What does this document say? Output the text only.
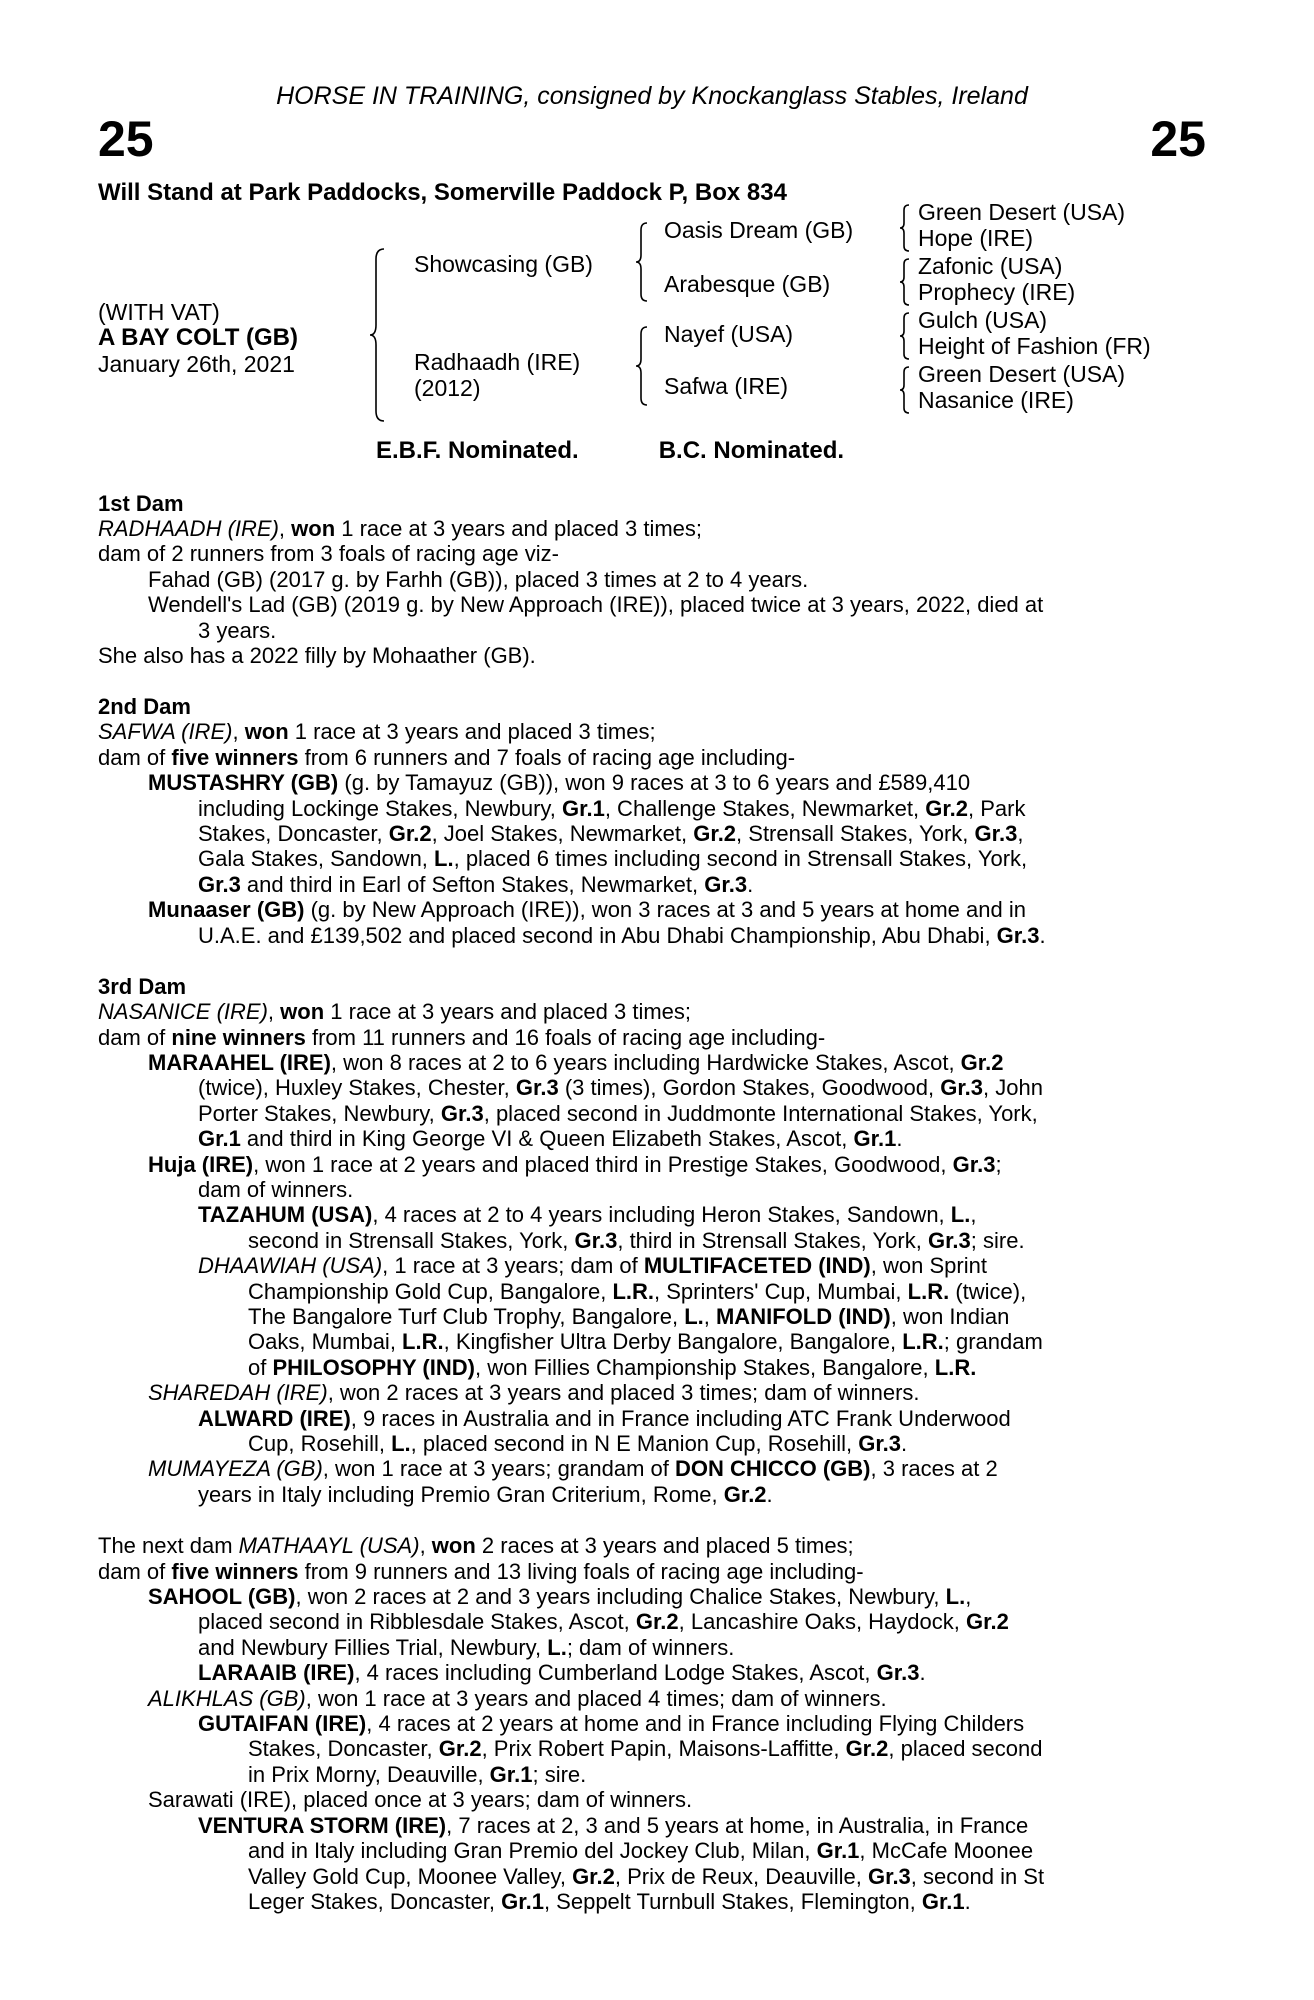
HORSE IN TRAINING, consigned by Knockanglass Stables, Ireland
25	25
Will Stand at Park Paddocks, Somerville Paddock P, Box 834
(WITH VAT)
A BAY COLT (GB)
January 26th, 2021
Showcasing (GB)
Radhaadh (IRE)
(2012)
Oasis Dream (GB)
Arabesque (GB)
Nayef (USA)
Safwa (IRE)
Green Desert (USA)
Hope (IRE)
Zafonic (USA)
Prophecy (IRE)
Gulch (USA)
Height of Fashion (FR)
Green Desert (USA)
Nasanice (IRE)
E.B.F. Nominated.	B.C. Nominated.
1st Dam
RADHAADH (IRE), won 1 race at 3 years and placed 3 times;
dam of 2 runners from 3 foals of racing age viz-
Fahad (GB) (2017 g. by Farhh (GB)), placed 3 times at 2 to 4 years.
Wendell's Lad (GB) (2019 g. by New Approach (IRE)), placed twice at 3 years, 2022, died at
3 years.
She also has a 2022 filly by Mohaather (GB).
2nd Dam
SAFWA (IRE), won 1 race at 3 years and placed 3 times;
dam of five winners from 6 runners and 7 foals of racing age including-
MUSTASHRY (GB) (g. by Tamayuz (GB)), won 9 races at 3 to 6 years and £589,410
including Lockinge Stakes, Newbury, Gr.1, Challenge Stakes, Newmarket, Gr.2, Park
Stakes, Doncaster, Gr.2, Joel Stakes, Newmarket, Gr.2, Strensall Stakes, York, Gr.3,
Gala Stakes, Sandown, L., placed 6 times including second in Strensall Stakes, York,
Gr.3 and third in Earl of Sefton Stakes, Newmarket, Gr.3.
Munaaser (GB) (g. by New Approach (IRE)), won 3 races at 3 and 5 years at home and in
U.A.E. and £139,502 and placed second in Abu Dhabi Championship, Abu Dhabi, Gr.3.
3rd Dam
NASANICE (IRE), won 1 race at 3 years and placed 3 times;
dam of nine winners from 11 runners and 16 foals of racing age including-
MARAAHEL (IRE), won 8 races at 2 to 6 years including Hardwicke Stakes, Ascot, Gr.2
(twice), Huxley Stakes, Chester, Gr.3 (3 times), Gordon Stakes, Goodwood, Gr.3, John
Porter Stakes, Newbury, Gr.3, placed second in Juddmonte International Stakes, York,
Gr.1 and third in King George VI & Queen Elizabeth Stakes, Ascot, Gr.1.
Huja (IRE), won 1 race at 2 years and placed third in Prestige Stakes, Goodwood, Gr.3;
dam of winners.
TAZAHUM (USA), 4 races at 2 to 4 years including Heron Stakes, Sandown, L.,
second in Strensall Stakes, York, Gr.3, third in Strensall Stakes, York, Gr.3; sire.
DHAAWIAH (USA), 1 race at 3 years; dam of MULTIFACETED (IND), won Sprint
Championship Gold Cup, Bangalore, L.R., Sprinters' Cup, Mumbai, L.R. (twice),
The Bangalore Turf Club Trophy, Bangalore, L., MANIFOLD (IND), won Indian
Oaks, Mumbai, L.R., Kingfisher Ultra Derby Bangalore, Bangalore, L.R.; grandam
of PHILOSOPHY (IND), won Fillies Championship Stakes, Bangalore, L.R.
SHAREDAH (IRE), won 2 races at 3 years and placed 3 times; dam of winners.
ALWARD (IRE), 9 races in Australia and in France including ATC Frank Underwood
Cup, Rosehill, L., placed second in N E Manion Cup, Rosehill, Gr.3.
MUMAYEZA (GB), won 1 race at 3 years; grandam of DON CHICCO (GB), 3 races at 2
years in Italy including Premio Gran Criterium, Rome, Gr.2.
The next dam MATHAAYL (USA), won 2 races at 3 years and placed 5 times;
dam of five winners from 9 runners and 13 living foals of racing age including-
SAHOOL (GB), won 2 races at 2 and 3 years including Chalice Stakes, Newbury, L.,
placed second in Ribblesdale Stakes, Ascot, Gr.2, Lancashire Oaks, Haydock, Gr.2
and Newbury Fillies Trial, Newbury, L.; dam of winners.
LARAAIB (IRE), 4 races including Cumberland Lodge Stakes, Ascot, Gr.3.
ALIKHLAS (GB), won 1 race at 3 years and placed 4 times; dam of winners.
GUTAIFAN (IRE), 4 races at 2 years at home and in France including Flying Childers
Stakes, Doncaster, Gr.2, Prix Robert Papin, Maisons-Laffitte, Gr.2, placed second
in Prix Morny, Deauville, Gr.1; sire.
Sarawati (IRE), placed once at 3 years; dam of winners.
VENTURA STORM (IRE), 7 races at 2, 3 and 5 years at home, in Australia, in France
and in Italy including Gran Premio del Jockey Club, Milan, Gr.1, McCafe Moonee
Valley Gold Cup, Moonee Valley, Gr.2, Prix de Reux, Deauville, Gr.3, second in St
Leger Stakes, Doncaster, Gr.1, Seppelt Turnbull Stakes, Flemington, Gr.1.
